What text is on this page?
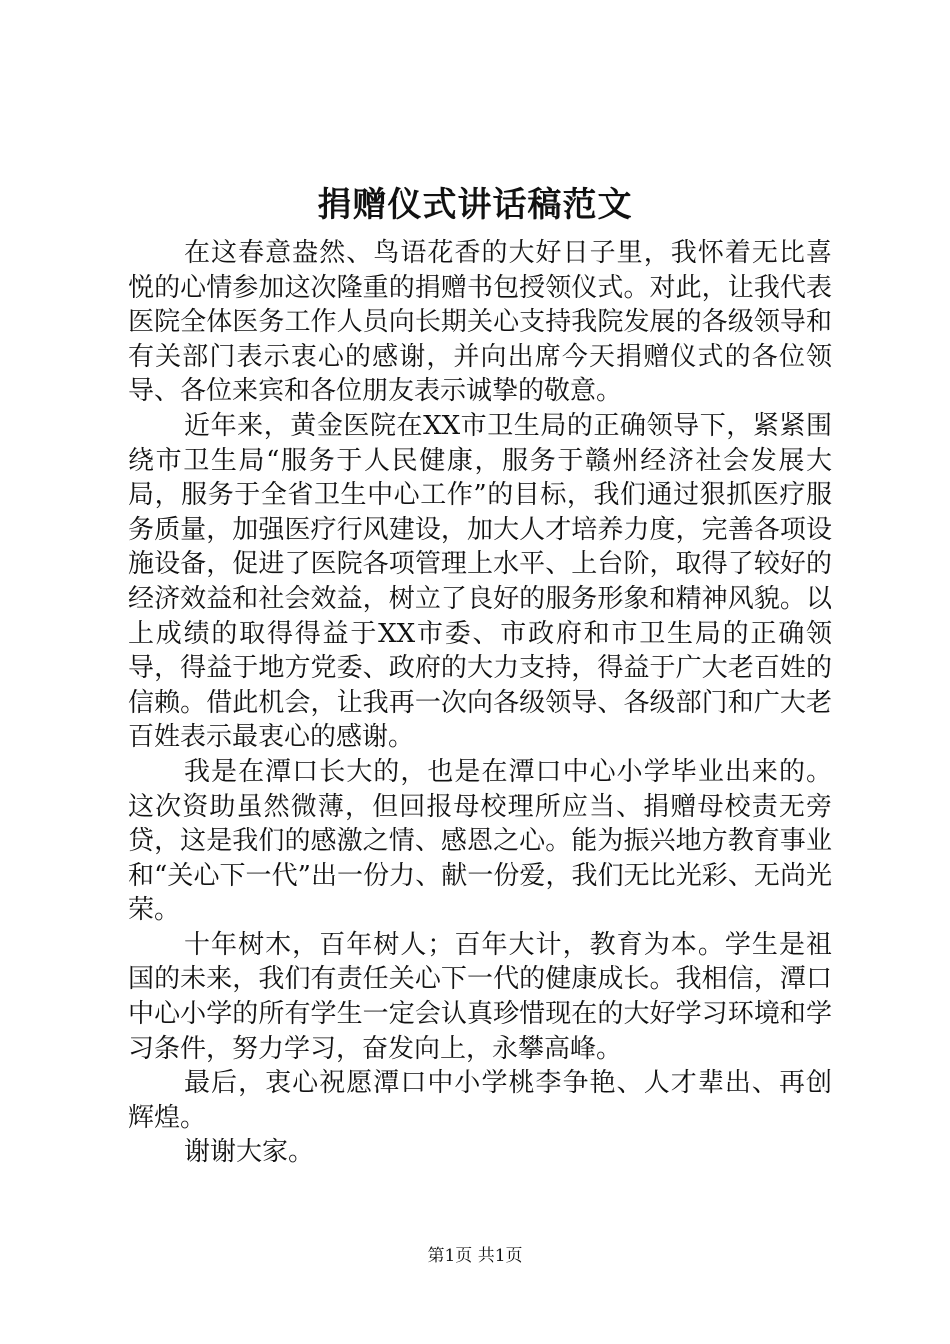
捐赠仪式讲话稿范文

在这春意盎然、鸟语花香的大好日子里，我怀着无比喜悦的心情参加这次隆重的捐赠书包授领仪式。对此，让我代表医院全体医务工作人员向长期关心支持我院发展的各级领导和有关部门表示衷心的感谢，并向出席今天捐赠仪式的各位领导、各位来宾和各位朋友表示诚挚的敬意。

近年来，黄金医院在XX市卫生局的正确领导下，紧紧围绕市卫生局“服务于人民健康，服务于赣州经济社会发展大局，服务于全省卫生中心工作”的目标，我们通过狠抓医疗服务质量，加强医疗行风建设，加大人才培养力度，完善各项设施设备，促进了医院各项管理上水平、上台阶，取得了较好的经济效益和社会效益，树立了良好的服务形象和精神风貌。以上成绩的取得得益于XX市委、市政府和市卫生局的正确领导，得益于地方党委、政府的大力支持，得益于广大老百姓的信赖。借此机会，让我再一次向各级领导、各级部门和广大老百姓表示最衷心的感谢。

我是在潭口长大的，也是在潭口中心小学毕业出来的。这次资助虽然微薄，但回报母校理所应当、捐赠母校责无旁贷，这是我们的感激之情、感恩之心。能为振兴地方教育事业和“关心下一代”出一份力、献一份爱，我们无比光彩、无尚光荣。

十年树木，百年树人；百年大计，教育为本。学生是祖国的未来，我们有责任关心下一代的健康成长。我相信，潭口中心小学的所有学生一定会认真珍惜现在的大好学习环境和学习条件，努力学习，奋发向上，永攀高峰。

最后，衷心祝愿潭口中小学桃李争艳、人才辈出、再创辉煌。

谢谢大家。

第1页 共1页
